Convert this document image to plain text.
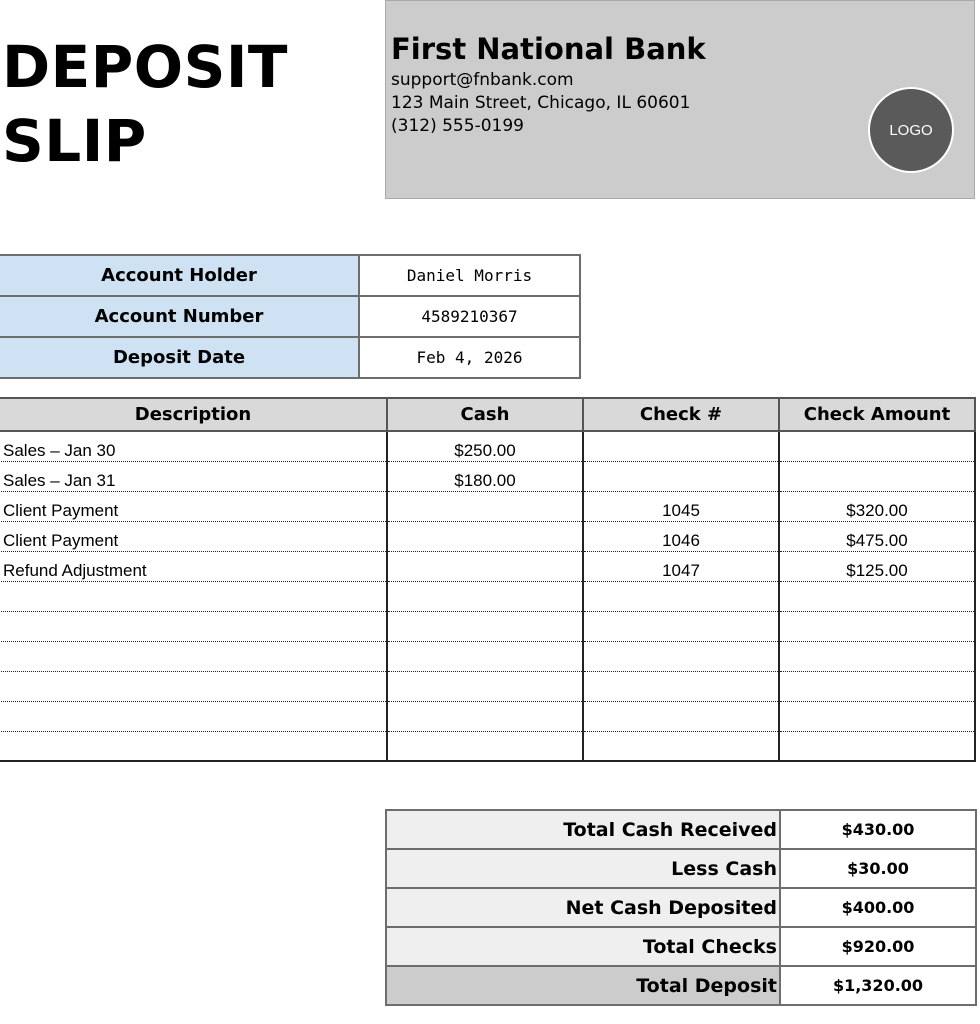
DEPOSIT
SLIP
First National Bank
support@fnbank.com
123 Main Street, Chicago, IL 60601
(312) 555-0199	LOGO
Account Holder	Daniel Morris
Account Number	4589210367
Deposit Date	Feb 4, 2026
Description	Cash	Check #	Check Amount
Sales – Jan 30	$250.00		
Sales – Jan 31	$180.00		
Client Payment		1045	$320.00
Client Payment		1046	$475.00
Refund Adjustment		1047	$125.00

Total Cash Received	$430.00
Less Cash	$30.00
Net Cash Deposited	$400.00
Total Checks	$920.00
Total Deposit	$1,320.00
